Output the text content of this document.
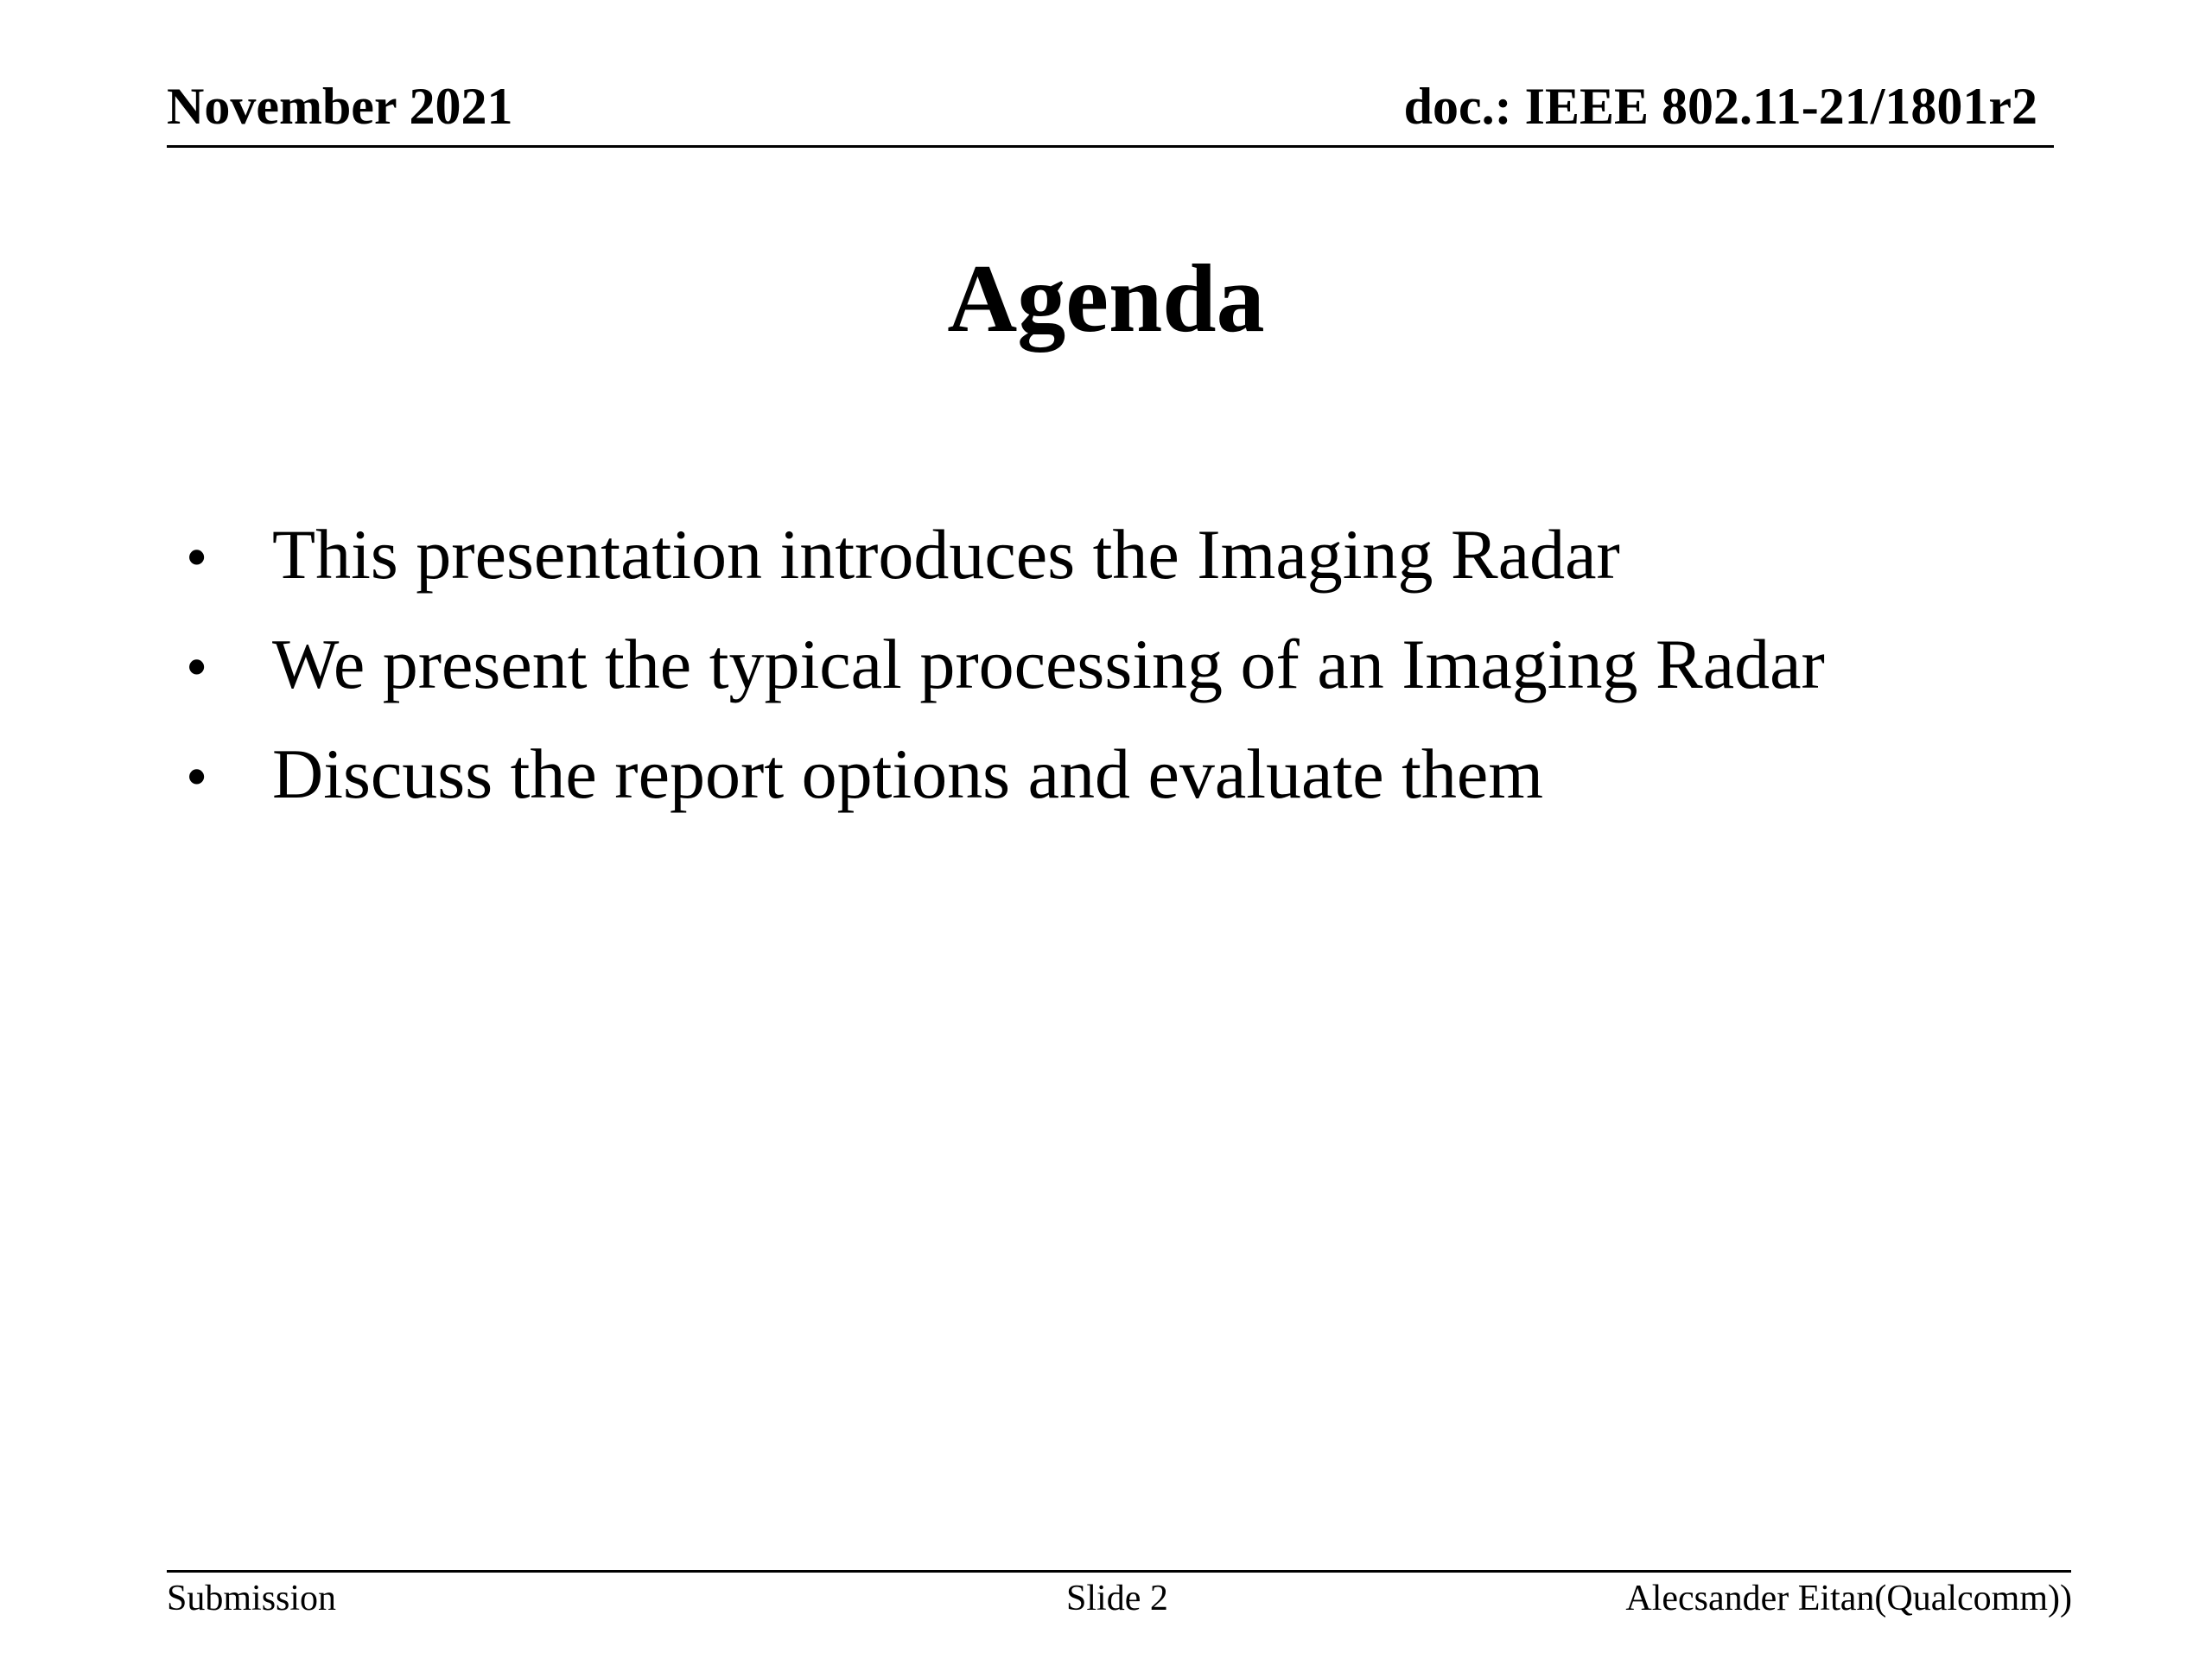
November 2021	doc.: IEEE 802.11-21/1801r2
Agenda
• This presentation introduces the Imaging Radar
• We present the typical processing of an Imaging Radar
• Discuss the report options and evaluate them
Submission	Slide 2	Alecsander Eitan(Qualcomm))
